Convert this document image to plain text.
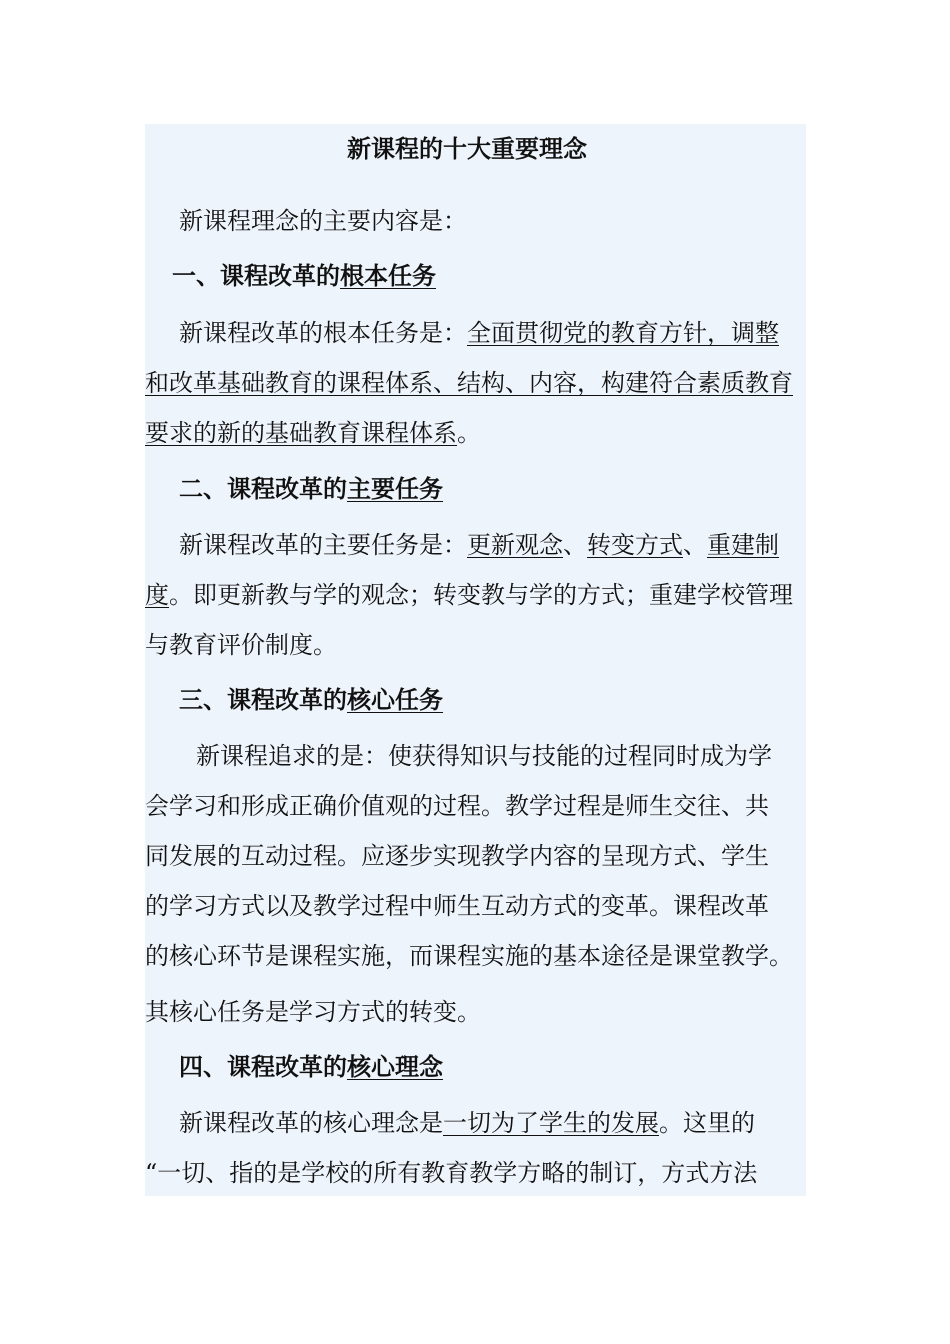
新课程的十大重要理念
新课程理念的主要内容是：
一、课程改革的根本任务
新课程改革的根本任务是：全面贯彻党的教育方针，调整
和改革基础教育的课程体系、结构、内容，构建符合素质教育
要求的新的基础教育课程体系。
二、课程改革的主要任务
新课程改革的主要任务是：更新观念、转变方式、重建制
度。即更新教与学的观念；转变教与学的方式；重建学校管理
与教育评价制度。
三、课程改革的核心任务
新课程追求的是：使获得知识与技能的过程同时成为学
会学习和形成正确价值观的过程。教学过程是师生交往、共
同发展的互动过程。应逐步实现教学内容的呈现方式、学生
的学习方式以及教学过程中师生互动方式的变革。课程改革
的核心环节是课程实施，而课程实施的基本途径是课堂教学。
其核心任务是学习方式的转变。
四、课程改革的核心理念
新课程改革的核心理念是一切为了学生的发展。这里的
“一切、指的是学校的所有教育教学方略的制订，方式方法
